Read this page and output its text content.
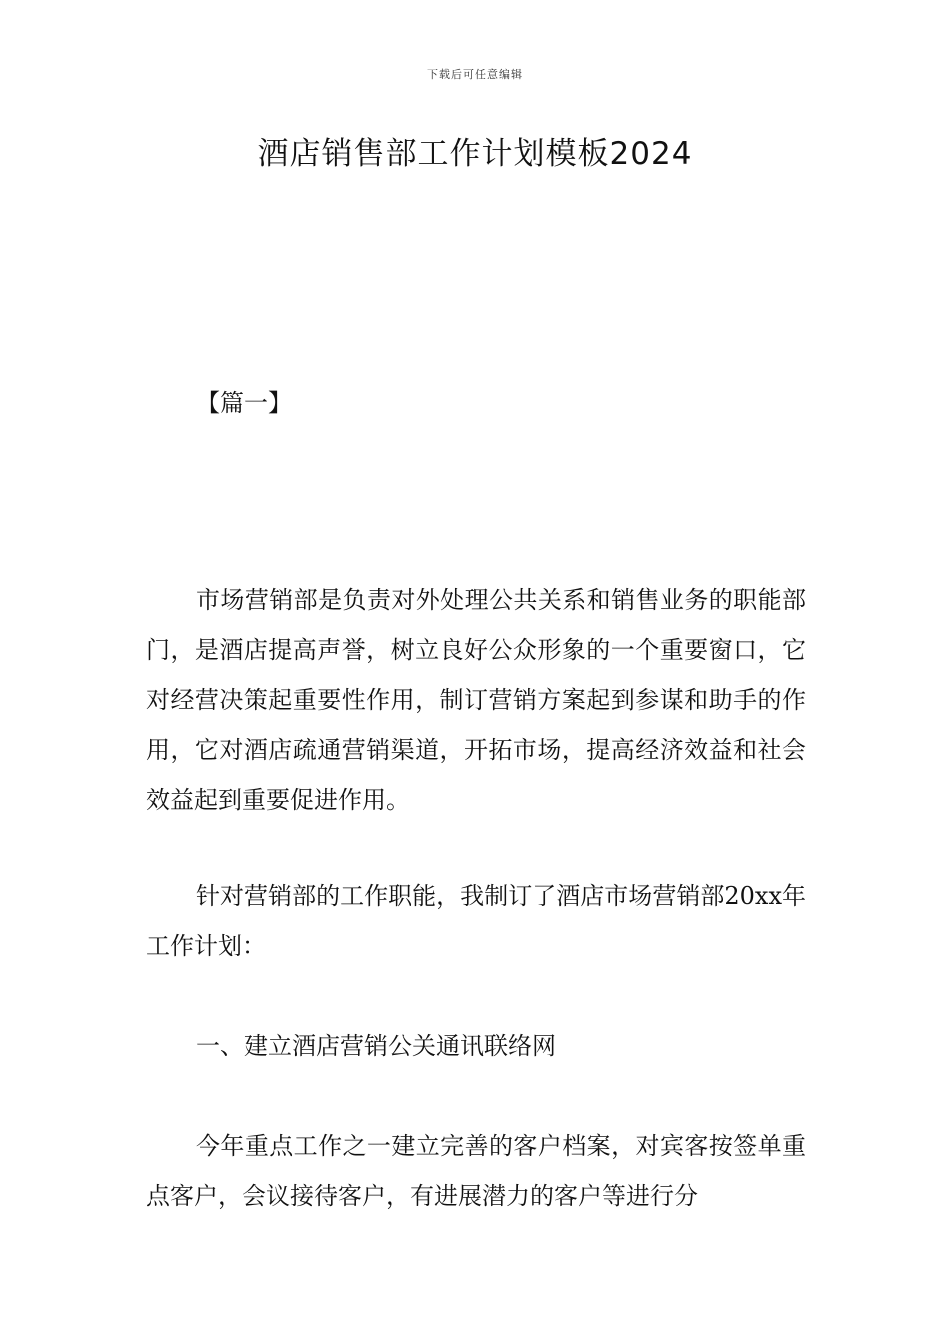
下载后可任意编辑
酒店销售部工作计划模板2024
【篇一】

市场营销部是负责对外处理公共关系和销售业务的职能部门，是酒店提高声誉，树立良好公众形象的一个重要窗口，它对经营决策起重要性作用，制订营销方案起到参谋和助手的作用，它对酒店疏通营销渠道，开拓市场，提高经济效益和社会效益起到重要促进作用。

针对营销部的工作职能，我制订了酒店市场营销部20xx年工作计划：

一、建立酒店营销公关通讯联络网

今年重点工作之一建立完善的客户档案，对宾客按签单重点客户，会议接待客户，有进展潜力的客户等进行分
